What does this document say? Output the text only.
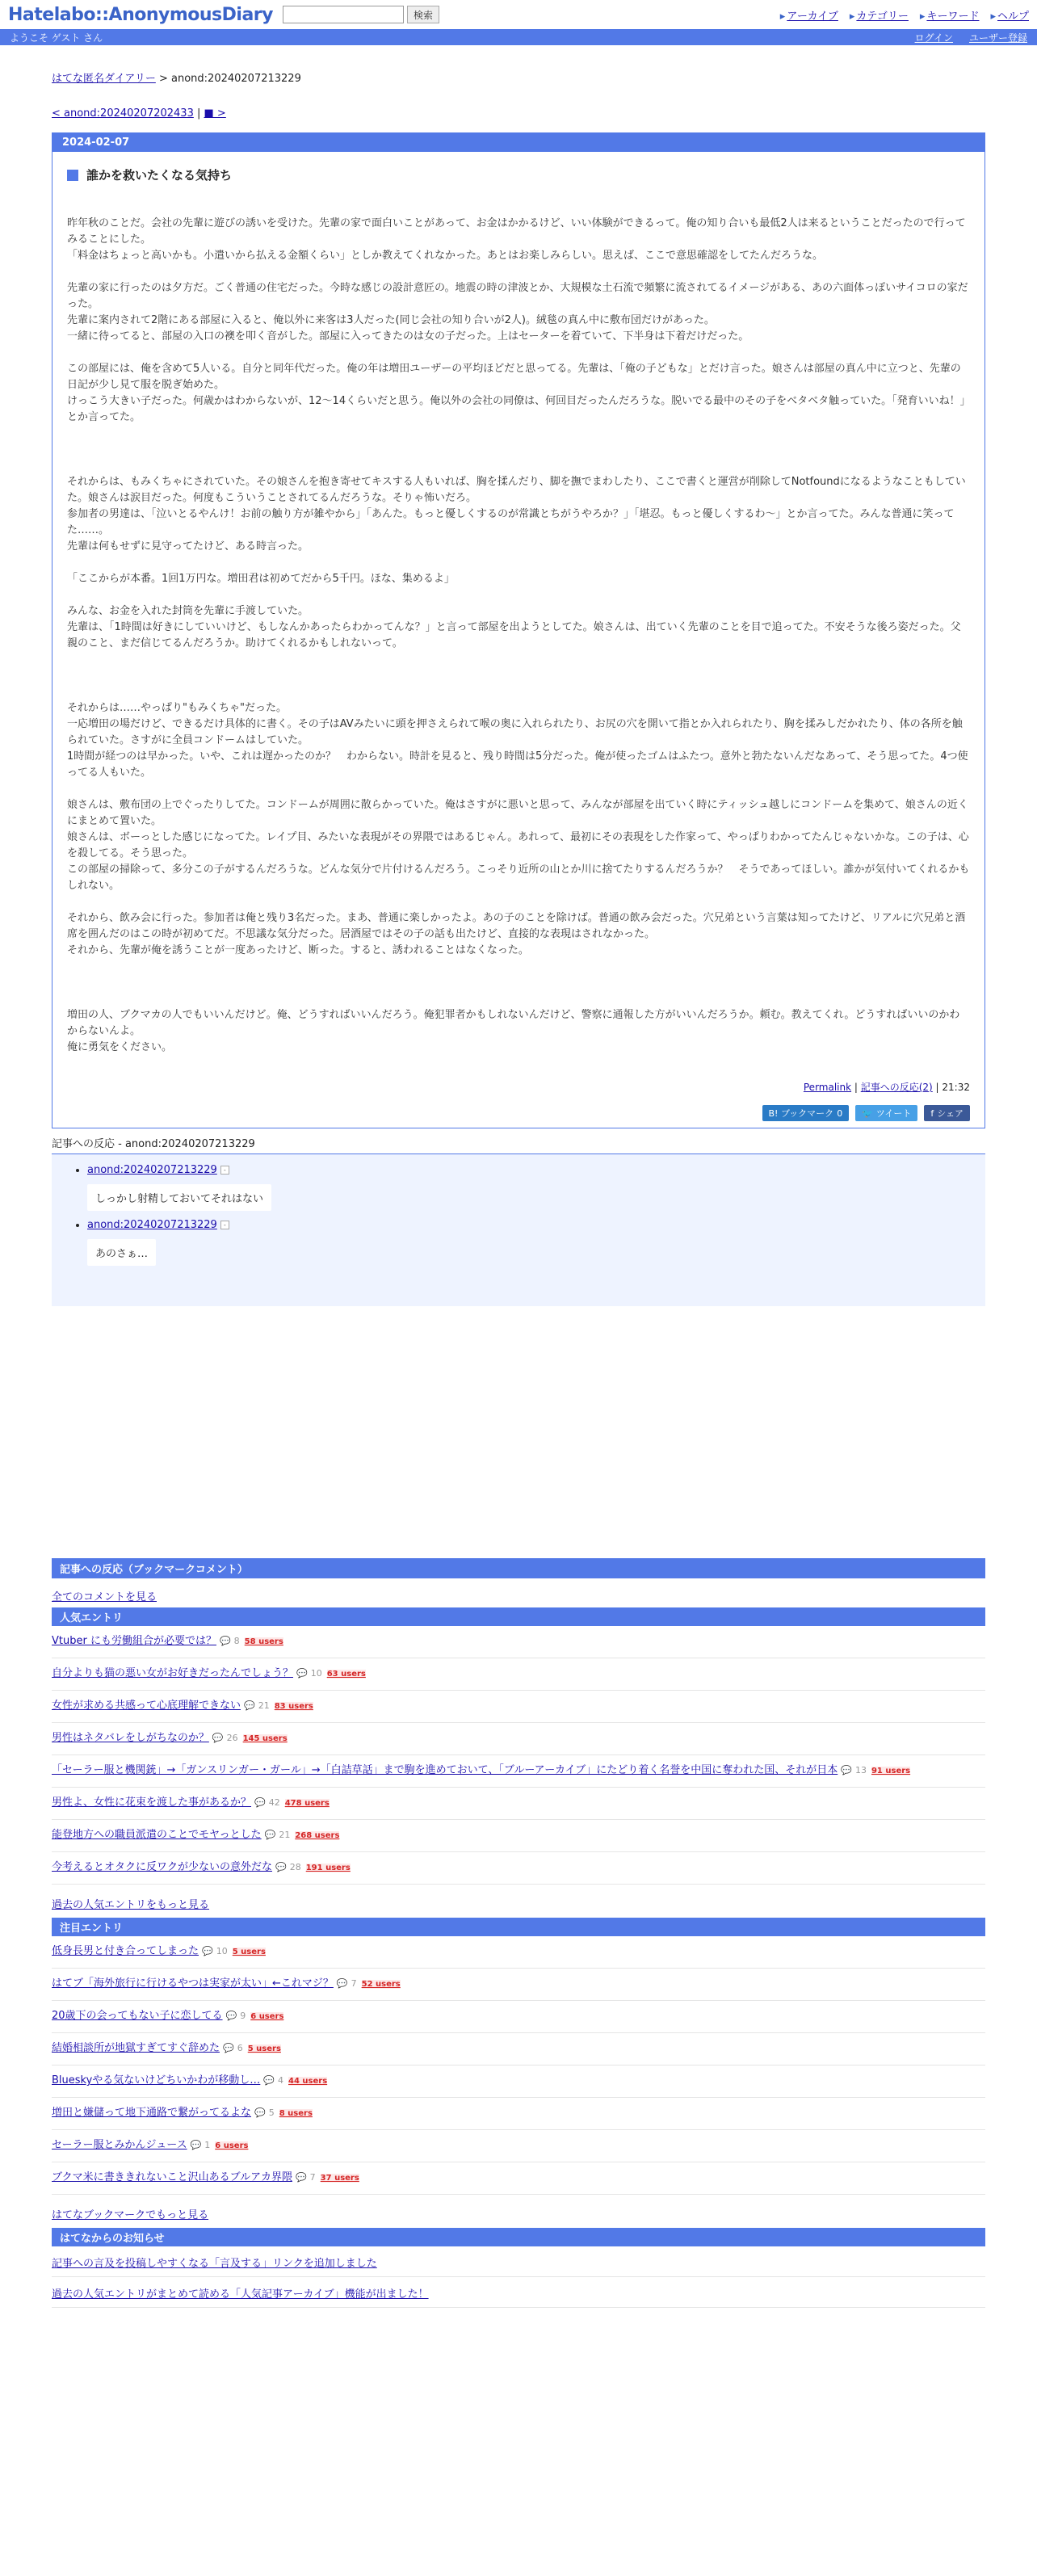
Hatelabo::AnonymousDiary	検索	▸ アーカイブ	▸ カテゴリー	▸ キーワード	▸ ヘルプ
ようこそ ゲスト さん	ログイン ユーザー登録
はてな匿名ダイアリー > anond:20240207213229
< anond:20240207202433 | ■ >
2024-02-07
誰かを救いたくなる気持ち

昨年秋のことだ。会社の先輩に遊びの誘いを受けた。先輩の家で面白いことがあって、お金はかかるけど、いい体験ができるって。俺の知り合いも最低2人は来るということだったので行ってみることにした。

「料金はちょっと高いかも。小遣いから払える金額くらい」としか教えてくれなかった。あとはお楽しみらしい。思えば、ここで意思確認をしてたんだろうな。

先輩の家に行ったのは夕方だ。ごく普通の住宅だった。今時な感じの設計意匠の。地震の時の津波とか、大規模な土石流で頻繁に流されてるイメージがある、あの六面体っぽいサイコロの家だった。

先輩に案内されて2階にある部屋に入ると、俺以外に来客は3人だった(同じ会社の知り合いが2人)。絨毯の真ん中に敷布団だけがあった。

一緒に待ってると、部屋の入口の襖を叩く音がした。部屋に入ってきたのは女の子だった。上はセーターを着ていて、下半身は下着だけだった。

この部屋には、俺を含めて5人いる。自分と同年代だった。俺の年は増田ユーザーの平均ほどだと思ってる。先輩は、「俺の子どもな」とだけ言った。娘さんは部屋の真ん中に立つと、先輩の日記が少し見て服を脱ぎ始めた。

けっこう大きい子だった。何歳かはわからないが、12～14くらいだと思う。俺以外の会社の同僚は、何回目だったんだろうな。脱いでる最中のその子をベタベタ触っていた。「発育いいね！」とか言ってた。

それからは、もみくちゃにされていた。その娘さんを抱き寄せてキスする人もいれば、胸を揉んだり、脚を撫でまわしたり、ここで書くと運営が削除してNotfoundになるようなこともしていた。娘さんは涙目だった。何度もこういうことされてるんだろうな。そりゃ怖いだろ。

参加者の男達は、「泣いとるやんけ！お前の触り方が雑やから」「あんた。もっと優しくするのが常識とちがうやろか？」「堪忍。もっと優しくするわ～」とか言ってた。みんな普通に笑ってた……。

先輩は何もせずに見守ってたけど、ある時言った。

「ここからが本番。1回1万円な。増田君は初めてだから5千円。ほな、集めるよ」

みんな、お金を入れた封筒を先輩に手渡していた。

先輩は、「1時間は好きにしていいけど、もしなんかあったらわかってんな？」と言って部屋を出ようとしてた。娘さんは、出ていく先輩のことを目で追ってた。不安そうな後ろ姿だった。父親のこと、まだ信じてるんだろうか。助けてくれるかもしれないって。

それからは……やっぱり"もみくちゃ"だった。

一応増田の場だけど、できるだけ具体的に書く。その子はAVみたいに頭を押さえられて喉の奥に入れられたり、お尻の穴を開いて指とか入れられたり、胸を揉みしだかれたり、体の各所を触られていた。さすがに全員コンドームはしていた。

1時間が経つのは早かった。いや、これは遅かったのか？　わからない。時計を見ると、残り時間は5分だった。俺が使ったゴムはふたつ。意外と勃たないんだなあって、そう思ってた。4つ使ってる人もいた。

娘さんは、敷布団の上でぐったりしてた。コンドームが周囲に散らかっていた。俺はさすがに悪いと思って、みんなが部屋を出ていく時にティッシュ越しにコンドームを集めて、娘さんの近くにまとめて置いた。

娘さんは、ボーっとした感じになってた。レイプ目、みたいな表現がその界隈ではあるじゃん。あれって、最初にその表現をした作家って、やっぱりわかってたんじゃないかな。この子は、心を殺してる。そう思った。

この部屋の掃除って、多分この子がするんだろうな。どんな気分で片付けるんだろう。こっそり近所の山とか川に捨てたりするんだろうか？　そうであってほしい。誰かが気付いてくれるかもしれない。

それから、飲み会に行った。参加者は俺と残り3名だった。まあ、普通に楽しかったよ。あの子のことを除けば。普通の飲み会だった。穴兄弟という言葉は知ってたけど、リアルに穴兄弟と酒席を囲んだのはこの時が初めてだ。不思議な気分だった。居酒屋ではその子の話も出たけど、直接的な表現はされなかった。

それから、先輩が俺を誘うことが一度あったけど、断った。すると、誘われることはなくなった。

増田の人、ブクマカの人でもいいんだけど。俺、どうすればいいんだろう。俺犯罪者かもしれないんだけど、警察に通報した方がいいんだろうか。頼む。教えてくれ。どうすればいいのかわからないんよ。

俺に勇気をください。

Permalink | 記事への反応(2) | 21:32
B! ブックマーク 0 🐦 ツイート f シェア
記事への反応 - anond:20240207213229
• anond:20240207213229 -
しっかし射精しておいてそれはない
• anond:20240207213229 -
あのさぁ…
記事への反応（ブックマークコメント）
全てのコメントを見る
人気エントリ
Vtuber にも労働組合が必要では？ 💬 8 58 users
自分よりも猫の悪い女がお好きだったんでしょう？ 💬 10 63 users
女性が求める共感って心底理解できない 💬 21 83 users
男性はネタバレをしがちなのか？ 💬 26 145 users
「セーラー服と機関銃」→「ガンスリンガー・ガール」→「白詰草話」まで駒を進めておいて、「ブルーアーカイブ」にたどり着く名誉を中国に奪われた国、それが日本 💬 13 91 users
男性よ、女性に花束を渡した事があるか？ 💬 42 478 users
能登地方への職員派遣のことでモヤっとした 💬 21 268 users
今考えるとオタクに反ワクが少ないの意外だな 💬 28 191 users
過去の人気エントリをもっと見る
注目エントリ
低身長男と付き合ってしまった 💬 10 5 users
はてブ「海外旅行に行けるやつは実家が太い」←これマジ？ 💬 7 52 users
20歳下の会ってもない子に恋してる 💬 9 6 users
結婚相談所が地獄すぎてすぐ辞めた 💬 6 5 users
Blueskyやる気ないけどちいかわが移動し… 💬 4 44 users
増田と嫌儲って地下通路で繋がってるよな 💬 5 8 users
セーラー服とみかんジュース 💬 1 6 users
ブクマ米に書ききれないこと沢山あるブルアカ界隈 💬 7 37 users
はてなブックマークでもっと見る
はてなからのお知らせ
記事への言及を投稿しやすくなる「言及する」リンクを追加しました
過去の人気エントリがまとめて読める「人気記事アーカイブ」機能が出ました！
